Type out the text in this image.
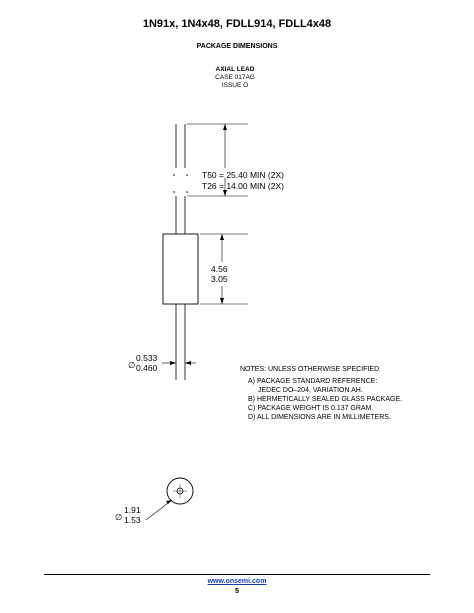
1N91x, 1N4x48, FDLL914, FDLL4x48
PACKAGE DIMENSIONS
AXIAL LEAD
CASE 017AG
ISSUE O
T50 = 25.40 MIN (2X)
T26 = 14.00 MIN (2X)
4.56
3.05
∅
0.533
0.460
∅
1.91
1.53
NOTES: UNLESS OTHERWISE SPECIFIED
A) PACKAGE STANDARD REFERENCE:
JEDEC DO–204, VARIATION AH.
B) HERMETICALLY SEALED GLASS PACKAGE.
C) PACKAGE WEIGHT IS 0.137 GRAM.
D) ALL DIMENSIONS ARE IN MILLIMETERS.
www.onsemi.com
5
